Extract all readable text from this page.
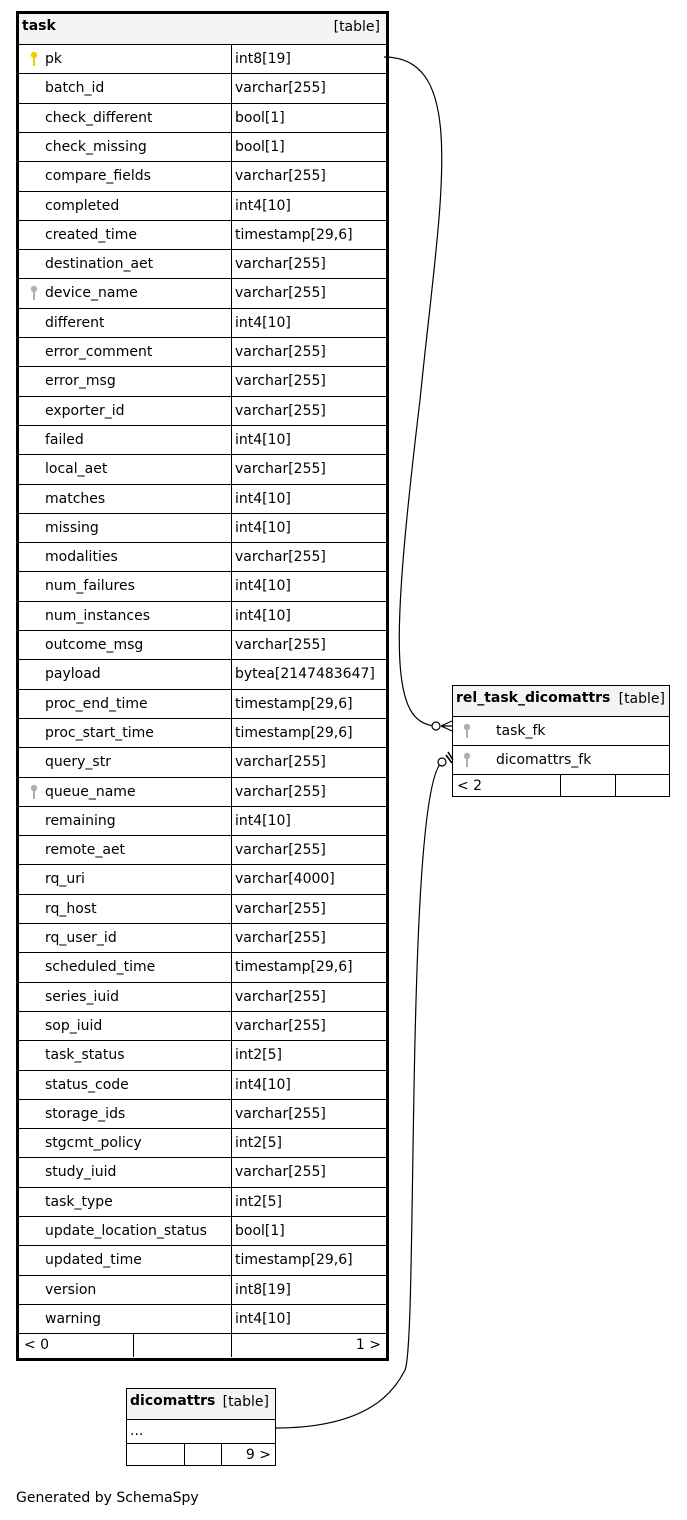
task	[table]
pk	int8[19]
batch_id	varchar[255]
check_different	bool[1]
check_missing	bool[1]
compare_fields	varchar[255]
completed	int4[10]
created_time	timestamp[29,6]
destination_aet	varchar[255]
device_name	varchar[255]
different	int4[10]
error_comment	varchar[255]
error_msg	varchar[255]
exporter_id	varchar[255]
failed	int4[10]
local_aet	varchar[255]
matches	int4[10]
missing	int4[10]
modalities	varchar[255]
num_failures	int4[10]
num_instances	int4[10]
outcome_msg	varchar[255]
payload	bytea[2147483647]
proc_end_time	timestamp[29,6]
proc_start_time	timestamp[29,6]
query_str	varchar[255]
queue_name	varchar[255]
remaining	int4[10]
remote_aet	varchar[255]
rq_uri	varchar[4000]
rq_host	varchar[255]
rq_user_id	varchar[255]
scheduled_time	timestamp[29,6]
series_iuid	varchar[255]
sop_iuid	varchar[255]
task_status	int2[5]
status_code	int4[10]
storage_ids	varchar[255]
stgcmt_policy	int2[5]
study_iuid	varchar[255]
task_type	int2[5]
update_location_status bool[1]
updated_time	timestamp[29,6]
version	int8[19]
warning	int4[10]
< 0	1 >
rel_task_dicomattrs [table]
task_fk
dicomattrs_fk
< 2
dicomattrs [table]
...
9 >
Generated by SchemaSpy
